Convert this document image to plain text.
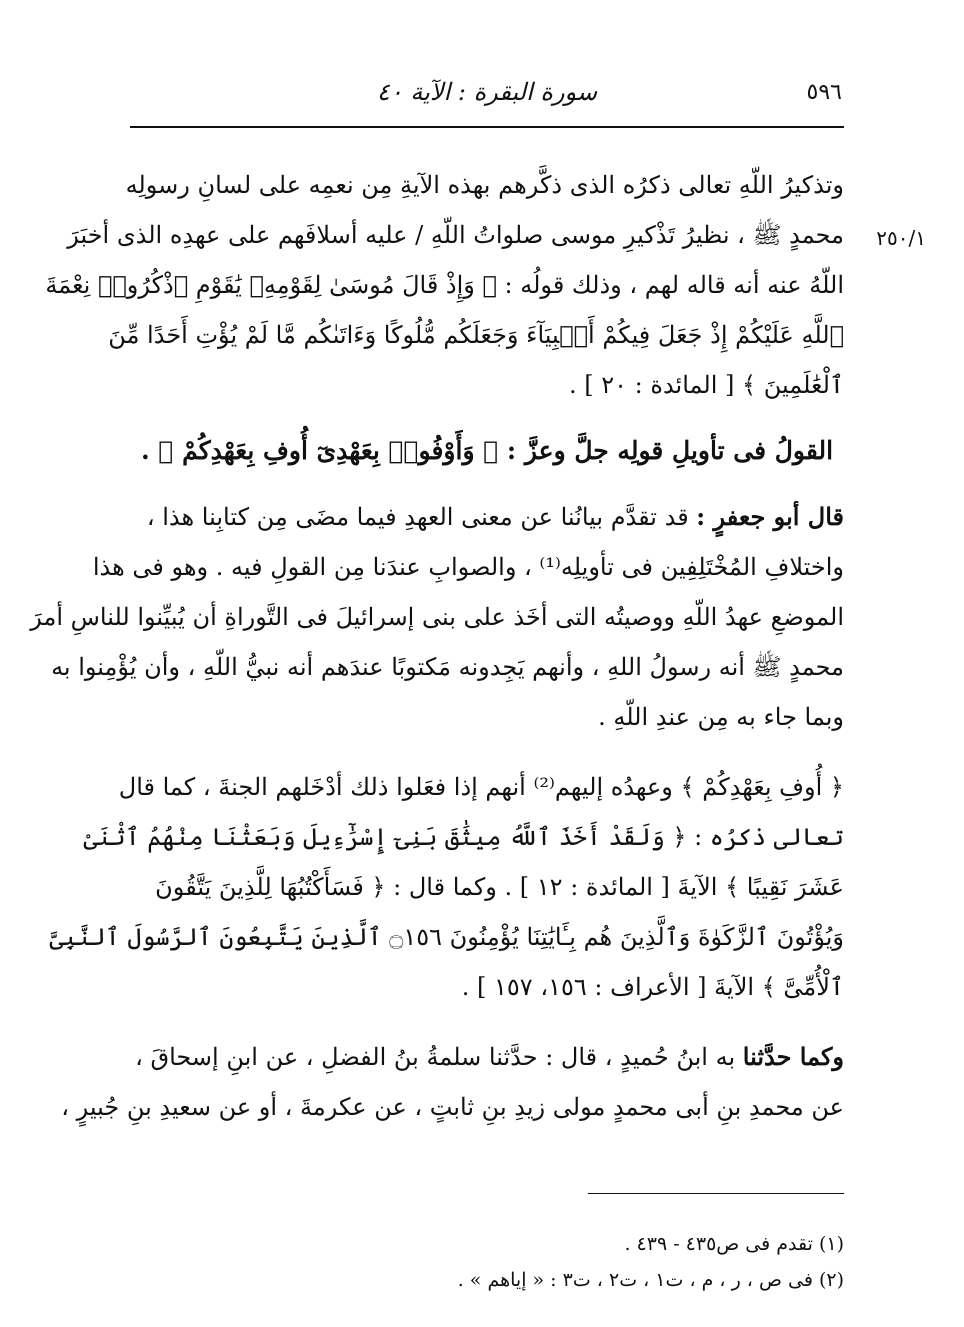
٥٩٦
سورة البقرة : الآية ٤٠
٢٥٠/١
وتذكيرُ اللّهِ تعالى ذكرُه الذى ذكَّرهم بهذه الآيةِ مِن نعمِه على لسانِ رسولِه
محمدٍ ﷺ ، نظيرُ تَذْكيرِ موسى صلواتُ اللّهِ / عليه أسلافَهم على عهدِه الذى أخبَرَ
اللّهُ عنه أنه قاله لهم ، وذلك قولُه : ﴿ وَإِذْ قَالَ مُوسَىٰ لِقَوْمِهِۦ يَٰقَوْمِ ٱذْكُرُوا۟ نِعْمَةَ
ٱللَّهِ عَلَيْكُمْ إِذْ جَعَلَ فِيكُمْ أَنۢبِيَآءَ وَجَعَلَكُم مُّلُوكًا وَءَاتَىٰكُم مَّا لَمْ يُؤْتِ أَحَدًا مِّنَ
ٱلْعَٰلَمِينَ ﴾ [ المائدة : ٢٠ ] .
القولُ فى تأويلِ قولِه جلَّ وعزَّ : ﴿ وَأَوْفُوا۟ بِعَهْدِىٓ أُوفِ بِعَهْدِكُمْ ﴾ .
قال أبو جعفرٍ : قد تقدَّم بيانُنا عن معنى العهدِ فيما مضَى مِن كتابِنا هذا ،
واختلافِ المُخْتَلِفِين فى تأويلِه⁽¹⁾ ، والصوابِ عندَنا مِن القولِ فيه . وهو فى هذا
الموضعِ عهدُ اللّهِ ووصيتُه التى أخَذ على بنى إسرائيلَ فى التَّوراةِ أن يُبيِّنوا للناسِ أمرَ
محمدٍ ﷺ أنه رسولُ اللهِ ، وأنهم يَجِدونه مَكتوبًا عندَهم أنه نبيُّ اللّهِ ، وأن يُؤْمِنوا به
وبما جاء به مِن عندِ اللّهِ .
﴿ أُوفِ بِعَهْدِكُمْ ﴾ وعهدُه إليهم⁽²⁾ أنهم إذا فعَلوا ذلك أدْخَلهم الجنةَ ، كما قال
تعالى ذكرُه : ﴿ وَلَقَدْ أَخَذَ ٱللَّهُ مِيثَٰقَ بَنِىٓ إِسْرَٰٓءِيلَ وَبَعَثْنَا مِنْهُمُ ٱثْنَىْ
عَشَرَ نَقِيبًا ﴾ الآيةَ [ المائدة : ١٢ ] . وكما قال : ﴿ فَسَأَكْتُبُهَا لِلَّذِينَ يَتَّقُونَ
وَيُؤْتُونَ ٱلزَّكَوٰةَ وَٱلَّذِينَ هُم بِـَٔايَٰتِنَا يُؤْمِنُونَ ۝١٥٦ ٱلَّذِينَ يَتَّبِعُونَ ٱلرَّسُولَ ٱلنَّبِىَّ
ٱلْأُمِّىَّ ﴾ الآيةَ [ الأعراف : ١٥٦، ١٥٧ ] .
وكما حدَّثنا به ابنُ حُميدٍ ، قال : حدَّثنا سلمةُ بنُ الفضلِ ، عن ابنِ إسحاقَ ،
عن محمدِ بنِ أبى محمدٍ مولى زيدِ بنِ ثابتٍ ، عن عكرمةَ ، أو عن سعيدِ بنِ جُبيرٍ ،
(١) تقدم فى ص٤٣٥ - ٤٣٩ .
(٢) فى ص ، ر ، م ، ت١ ، ت٢ ، ت٣ : « إياهم » .
